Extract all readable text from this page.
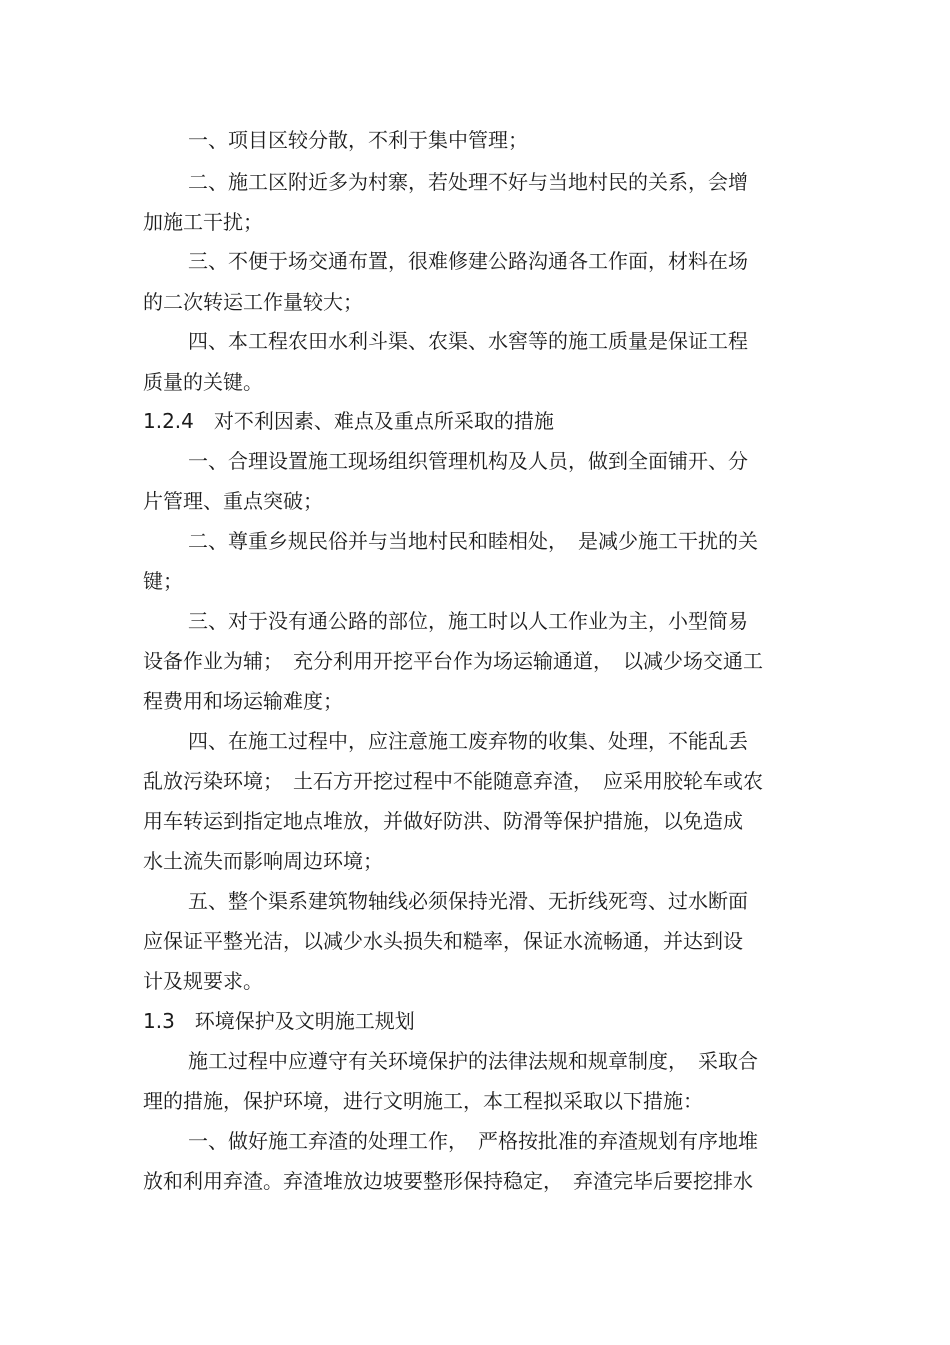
一、项目区较分散，不利于集中管理；
二、施工区附近多为村寨，若处理不好与当地村民的关系，会增
加施工干扰；
三、不便于场交通布置，很难修建公路沟通各工作面，材料在场
的二次转运工作量较大；
四、本工程农田水利斗渠、农渠、水窖等的施工质量是保证工程
质量的关键。
1.2.4　对不利因素、难点及重点所采取的措施
一、合理设置施工现场组织管理机构及人员，做到全面铺开、分
片管理、重点突破；
二、尊重乡规民俗并与当地村民和睦相处，　是减少施工干扰的关
键；
三、对于没有通公路的部位，施工时以人工作业为主，小型简易
设备作业为辅；　充分利用开挖平台作为场运输通道，　以减少场交通工
程费用和场运输难度；
四、在施工过程中，应注意施工废弃物的收集、处理，不能乱丢
乱放污染环境；　土石方开挖过程中不能随意弃渣，　应采用胶轮车或农
用车转运到指定地点堆放，并做好防洪、防滑等保护措施，以免造成
水土流失而影响周边环境；
五、整个渠系建筑物轴线必须保持光滑、无折线死弯、过水断面
应保证平整光洁，以减少水头损失和糙率，保证水流畅通，并达到设
计及规要求。
1.3　环境保护及文明施工规划
施工过程中应遵守有关环境保护的法律法规和规章制度，　采取合
理的措施，保护环境，进行文明施工，本工程拟采取以下措施：
一、做好施工弃渣的处理工作，　严格按批准的弃渣规划有序地堆
放和利用弃渣。弃渣堆放边坡要整形保持稳定，　弃渣完毕后要挖排水
